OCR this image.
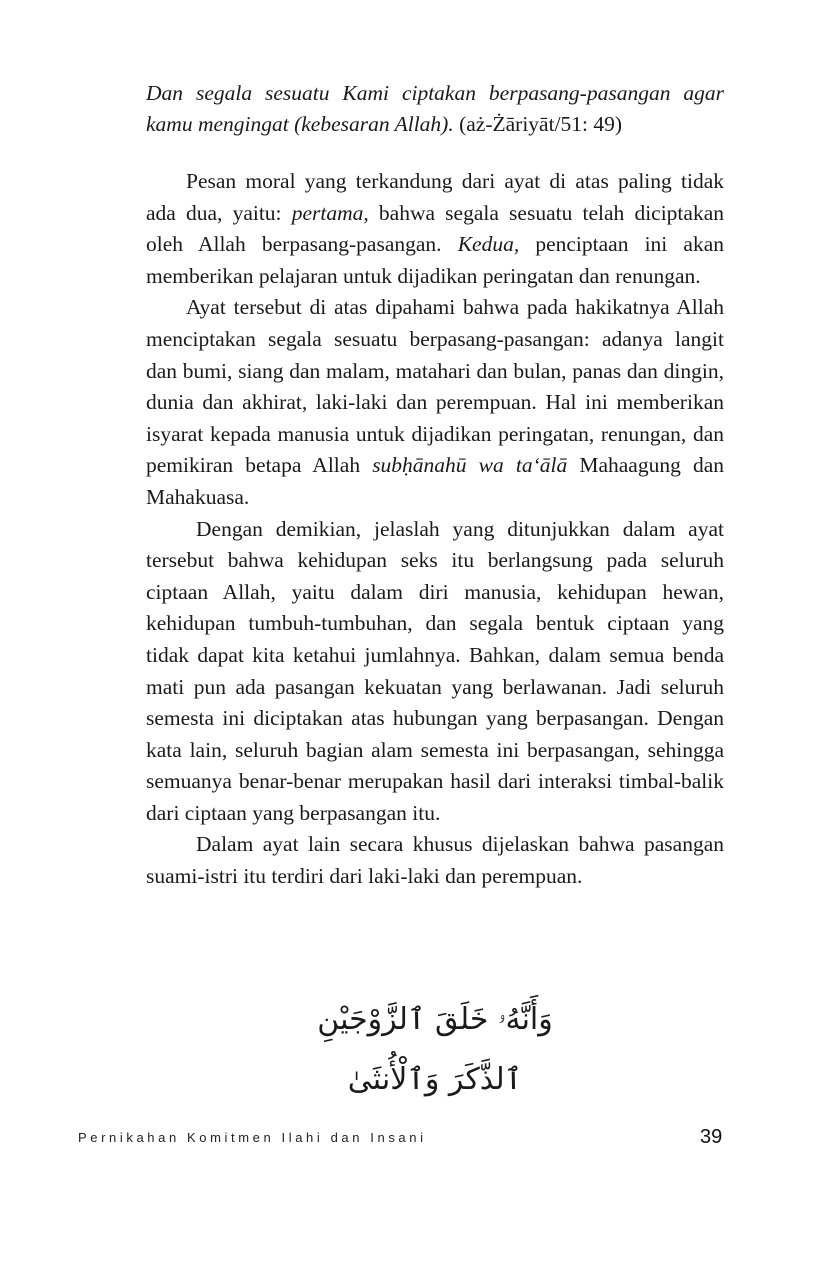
Dan segala sesuatu Kami ciptakan berpasang-pasangan agar kamu mengingat (kebesaran Allah). (aż-Żāriyāt/51: 49)

Pesan moral yang terkandung dari ayat di atas paling tidak ada dua, yaitu: pertama, bahwa segala sesuatu telah diciptakan oleh Allah berpasang-pasangan. Kedua, penciptaan ini akan memberikan pelajaran untuk dijadikan peringatan dan renungan.

Ayat tersebut di atas dipahami bahwa pada hakikatnya Allah menciptakan segala sesuatu berpasang-pasangan: adanya langit dan bumi, siang dan malam, matahari dan bulan, panas dan dingin, dunia dan akhirat, laki-laki dan perempuan. Hal ini memberikan isyarat kepada manusia untuk dijadikan peringatan, renungan, dan pemikiran betapa Allah subḥānahū wa ta‘ālā Mahaagung dan Mahakuasa.

Dengan demikian, jelaslah yang ditunjukkan dalam ayat tersebut bahwa kehidupan seks itu berlangsung pada seluruh ciptaan Allah, yaitu dalam diri manusia, kehidupan hewan, kehidupan tumbuh-tumbuhan, dan segala bentuk ciptaan yang tidak dapat kita ketahui jumlahnya. Bahkan, dalam semua benda mati pun ada pasangan kekuatan yang berlawanan. Jadi seluruh semesta ini diciptakan atas hubungan yang berpasangan. Dengan kata lain, seluruh bagian alam semesta ini berpasangan, sehingga semuanya benar-benar merupakan hasil dari interaksi timbal-balik dari ciptaan yang berpasangan itu.

Dalam ayat lain secara khusus dijelaskan bahwa pasangan suami-istri itu terdiri dari laki-laki dan perempuan.

وَأَنَّهُۥ خَلَقَ ٱلزَّوْجَيْنِ ٱلذَّكَرَ وَٱلْأُنثَىٰ
Pernikahan Komitmen Ilahi dan Insani	39
